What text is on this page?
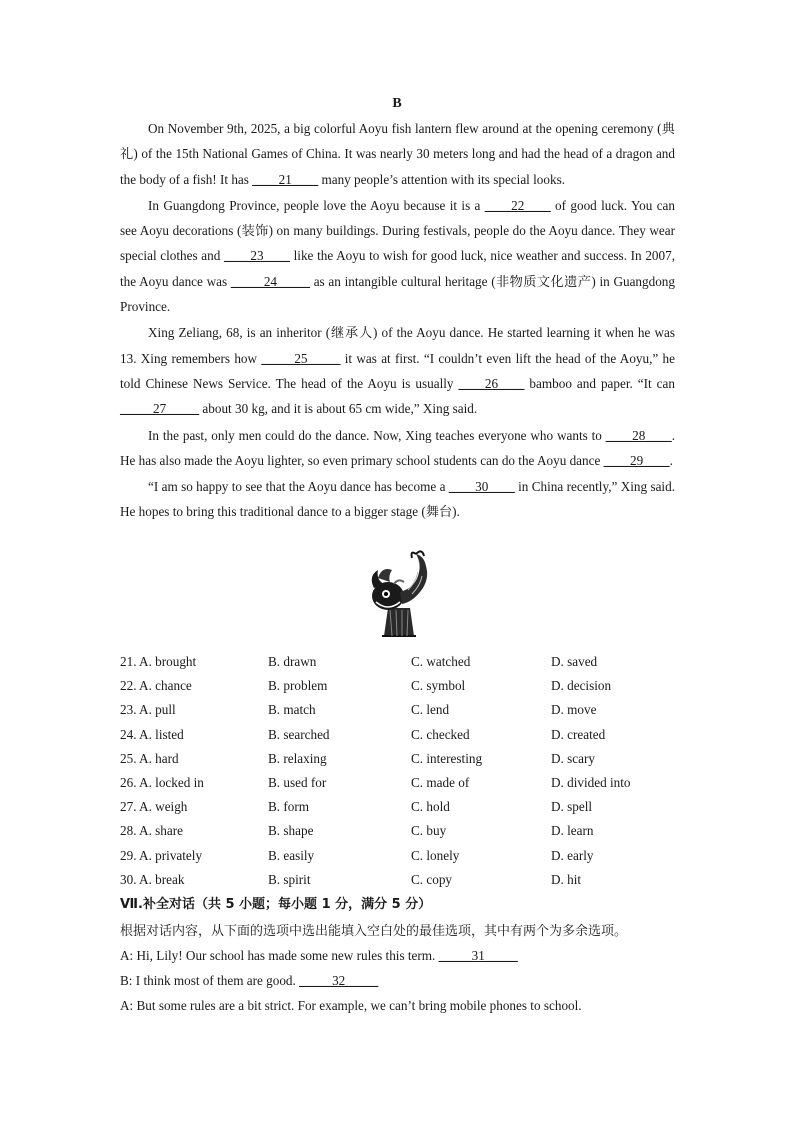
B

On November 9th, 2025, a big colorful Aoyu fish lantern flew around at the opening ceremony (典礼) of the 15th National Games of China. It was nearly 30 meters long and had the head of a dragon and the body of a fish! It has ____21____ many people’s attention with its special looks.

In Guangdong Province, people love the Aoyu because it is a ____22____ of good luck. You can see Aoyu decorations (装饰) on many buildings. During festivals, people do the Aoyu dance. They wear special clothes and ____23____ like the Aoyu to wish for good luck, nice weather and success. In 2007, the Aoyu dance was _____24_____ as an intangible cultural heritage (非物质文化遗产) in Guangdong Province.

Xing Zeliang, 68, is an inheritor (继承人) of the Aoyu dance. He started learning it when he was 13. Xing remembers how _____25_____ it was at first. “I couldn’t even lift the head of the Aoyu,” he told Chinese News Service. The head of the Aoyu is usually ____26____ bamboo and paper. “It can _____27_____ about 30 kg, and it is about 65 cm wide,” Xing said.

In the past, only men could do the dance. Now, Xing teaches everyone who wants to ____28____. He has also made the Aoyu lighter, so even primary school students can do the Aoyu dance ____29____.

“I am so happy to see that the Aoyu dance has become a ____30____ in China recently,” Xing said. He hopes to bring this traditional dance to a bigger stage (舞台).

21. A. brought	B. drawn	C. watched	D. saved
22. A. chance	B. problem	C. symbol	D. decision
23. A. pull	B. match	C. lend	D. move
24. A. listed	B. searched	C. checked	D. created
25. A. hard	B. relaxing	C. interesting	D. scary
26. A. locked in	B. used for	C. made of	D. divided into
27. A. weigh	B. form	C. hold	D. spell
28. A. share	B. shape	C. buy	D. learn
29. A. privately	B. easily	C. lonely	D. early
30. A. break	B. spirit	C. copy	D. hit
Ⅶ.补全对话（共 5 小题；每小题 1 分，满分 5 分）
根据对话内容，从下面的选项中选出能填入空白处的最佳选项，其中有两个为多余选项。
A: Hi, Lily! Our school has made some new rules this term. _____31_____
B: I think most of them are good. _____32_____
A: But some rules are a bit strict. For example, we can’t bring mobile phones to school.
